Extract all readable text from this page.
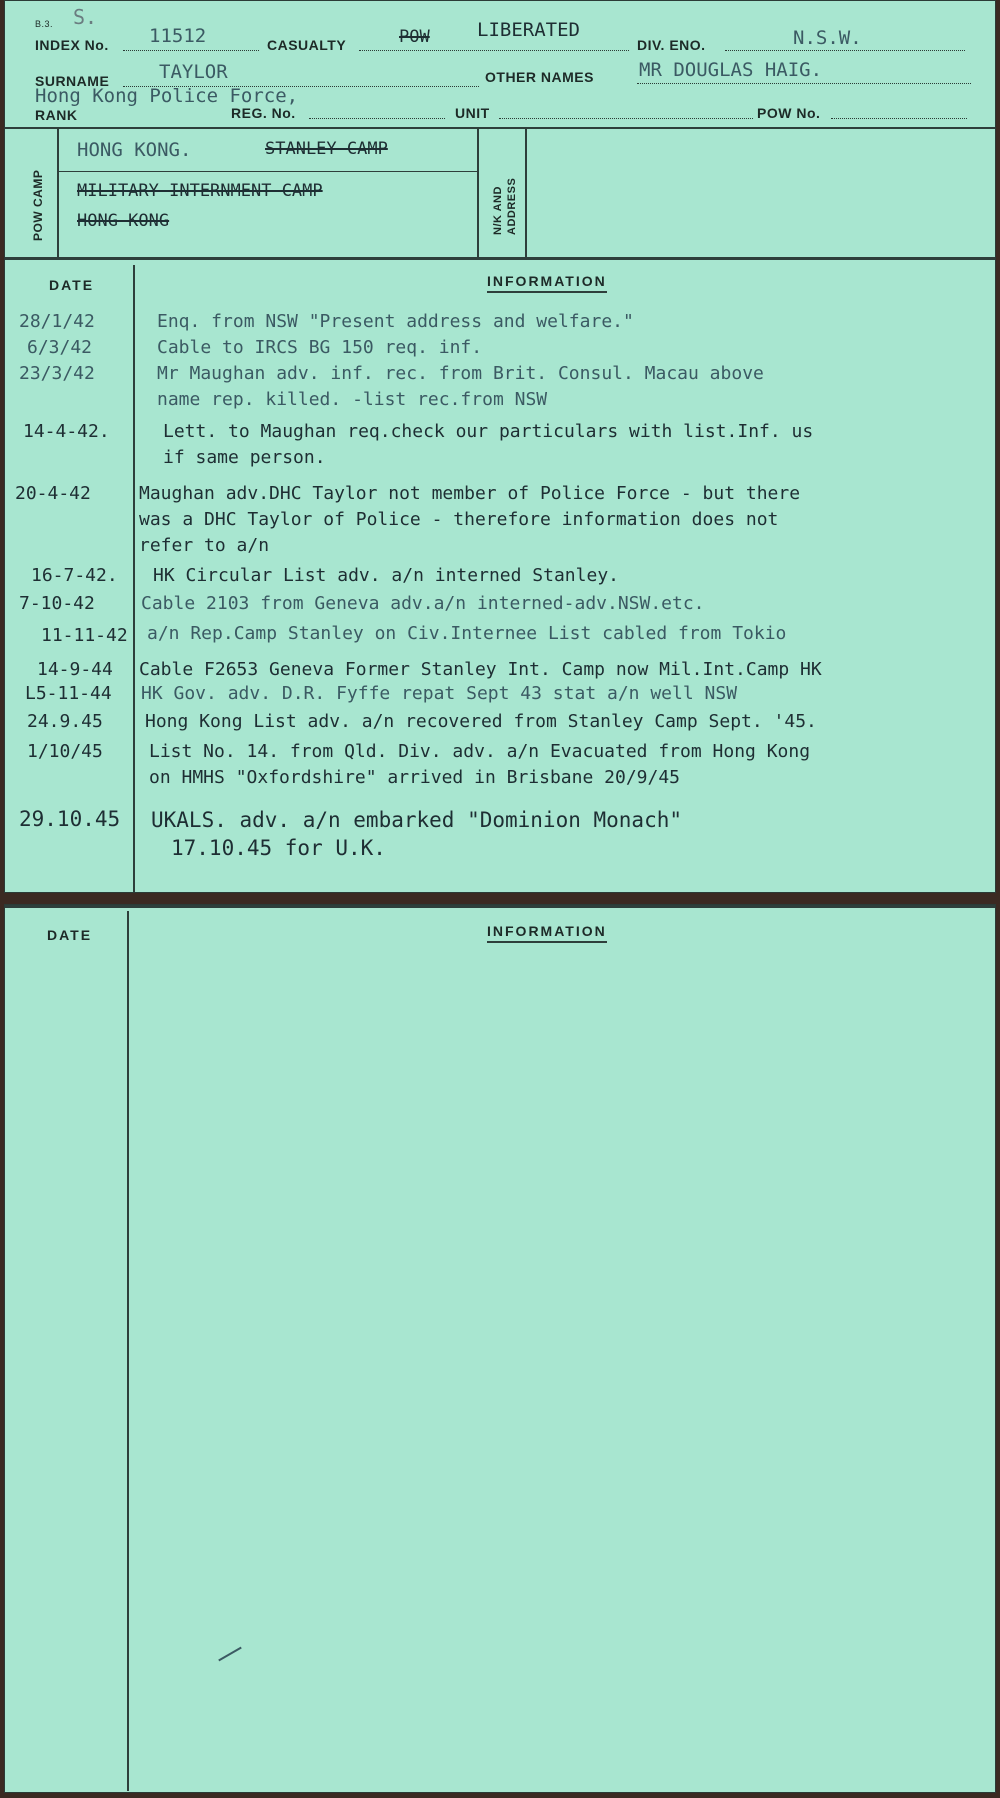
B.3. S.
INDEX No. 11512	CASUALTY	POW LIBERATED
DIV. ENO.	N.S.W.
SURNAME	TAYLOR	OTHER NAMES MR DOUGLAS HAIG.
Hong Kong Police Force,
RANK	REG. No.	UNIT	POW No.
POW CAMP
HONG KONG.	STANLEY CAMP
MILITARY INTERNMENT CAMP
HONG KONG	N/K AND ADDRESS
DATE	INFORMATION
28/1/42	Enq. from NSW "Present address and welfare."
6/3/42	Cable to IRCS BG 150 req. inf.
23/3/42	Mr Maughan adv. inf. rec. from Brit. Consul. Macau above
name rep. killed. -list rec.from NSW
14-4-42.	Lett. to Maughan req.check our particulars with list.Inf. us
if same person.
20-4-42	Maughan adv.DHC Taylor not member of Police Force - but there
was a DHC Taylor of Police - therefore information does not
refer to a/n
16-7-42. HK Circular List adv. a/n interned Stanley.
7-10-42	Cable 2103 from Geneva adv.a/n interned-adv.NSW.etc.
11-11-42 a/n Rep.Camp Stanley on Civ.Internee List cabled from Tokio
14-9-44 Cable F2653 Geneva Former Stanley Int. Camp now Mil.Int.Camp HK
L5-11-44 HK Gov. adv. D.R. Fyffe repat Sept 43 stat a/n well NSW
24.9.45 Hong Kong List adv. a/n recovered from Stanley Camp Sept. '45.
1/10/45	List No. 14. from Qld. Div. adv. a/n Evacuated from Hong Kong
on HMHS "Oxfordshire" arrived in Brisbane 20/9/45
29.10.45 UKALS. adv. a/n embarked "Dominion Monach"
17.10.45 for U.K.
DATE	INFORMATION
